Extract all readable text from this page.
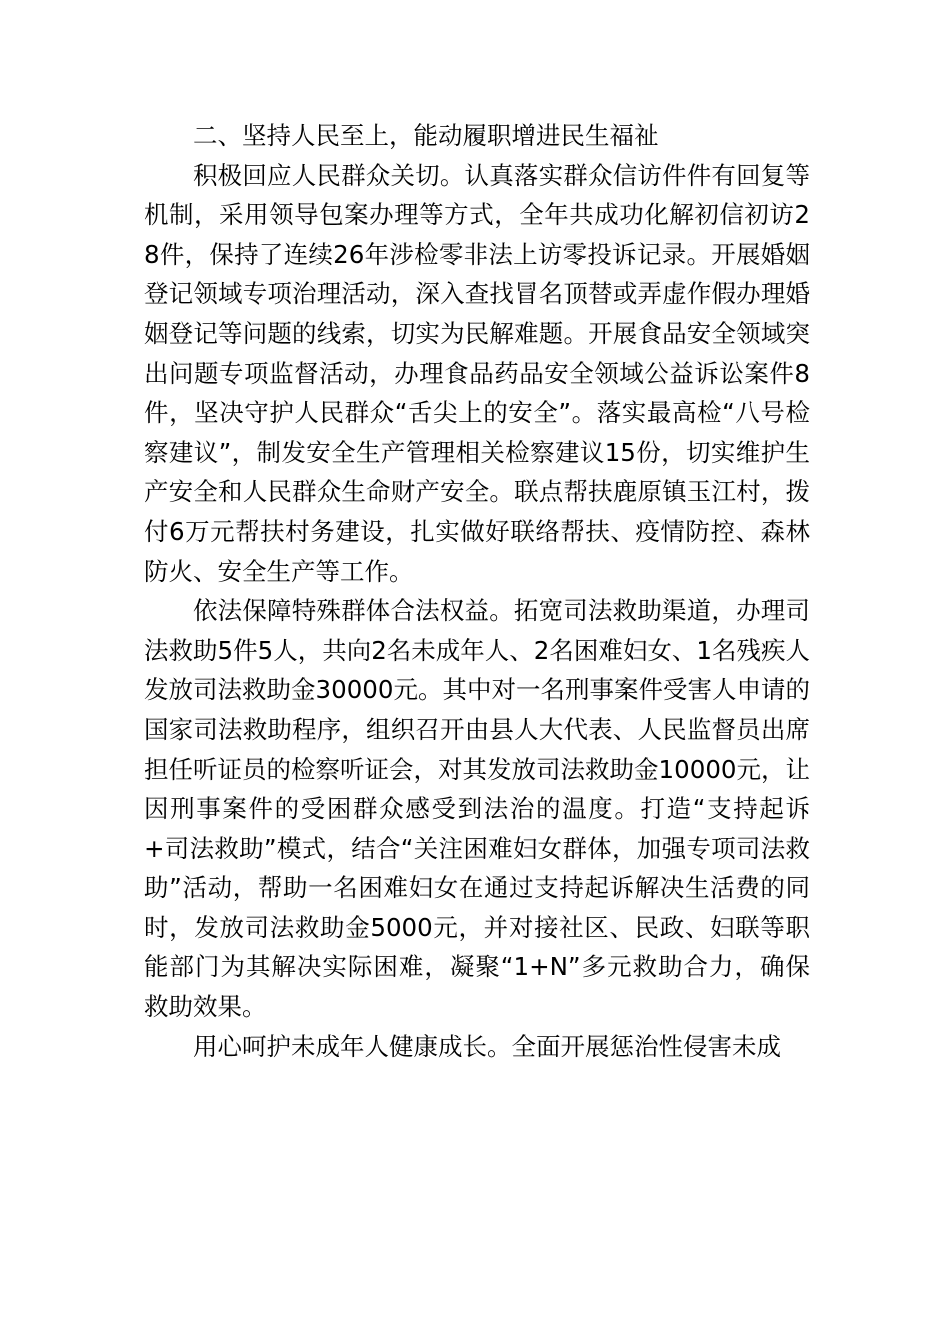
二、坚持人民至上，能动履职增进民生福祉

积极回应人民群众关切。认真落实群众信访件件有回复等机制，采用领导包案办理等方式，全年共成功化解初信初访28件，保持了连续26年涉检零非法上访零投诉记录。开展婚姻登记领域专项治理活动，深入查找冒名顶替或弄虚作假办理婚姻登记等问题的线索，切实为民解难题。开展食品安全领域突出问题专项监督活动，办理食品药品安全领域公益诉讼案件8件，坚决守护人民群众“舌尖上的安全”。落实最高检“八号检察建议”，制发安全生产管理相关检察建议15份，切实维护生产安全和人民群众生命财产安全。联点帮扶鹿原镇玉江村，拨付6万元帮扶村务建设，扎实做好联络帮扶、疫情防控、森林防火、安全生产等工作。

依法保障特殊群体合法权益。拓宽司法救助渠道，办理司法救助5件5人，共向2名未成年人、2名困难妇女、1名残疾人发放司法救助金30000元。其中对一名刑事案件受害人申请的国家司法救助程序，组织召开由县人大代表、人民监督员出席担任听证员的检察听证会，对其发放司法救助金10000元，让因刑事案件的受困群众感受到法治的温度。打造“支持起诉+司法救助”模式，结合“关注困难妇女群体，加强专项司法救助”活动，帮助一名困难妇女在通过支持起诉解决生活费的同时，发放司法救助金5000元，并对接社区、民政、妇联等职能部门为其解决实际困难，凝聚“1+N”多元救助合力，确保救助效果。

用心呵护未成年人健康成长。全面开展惩治性侵害未成
